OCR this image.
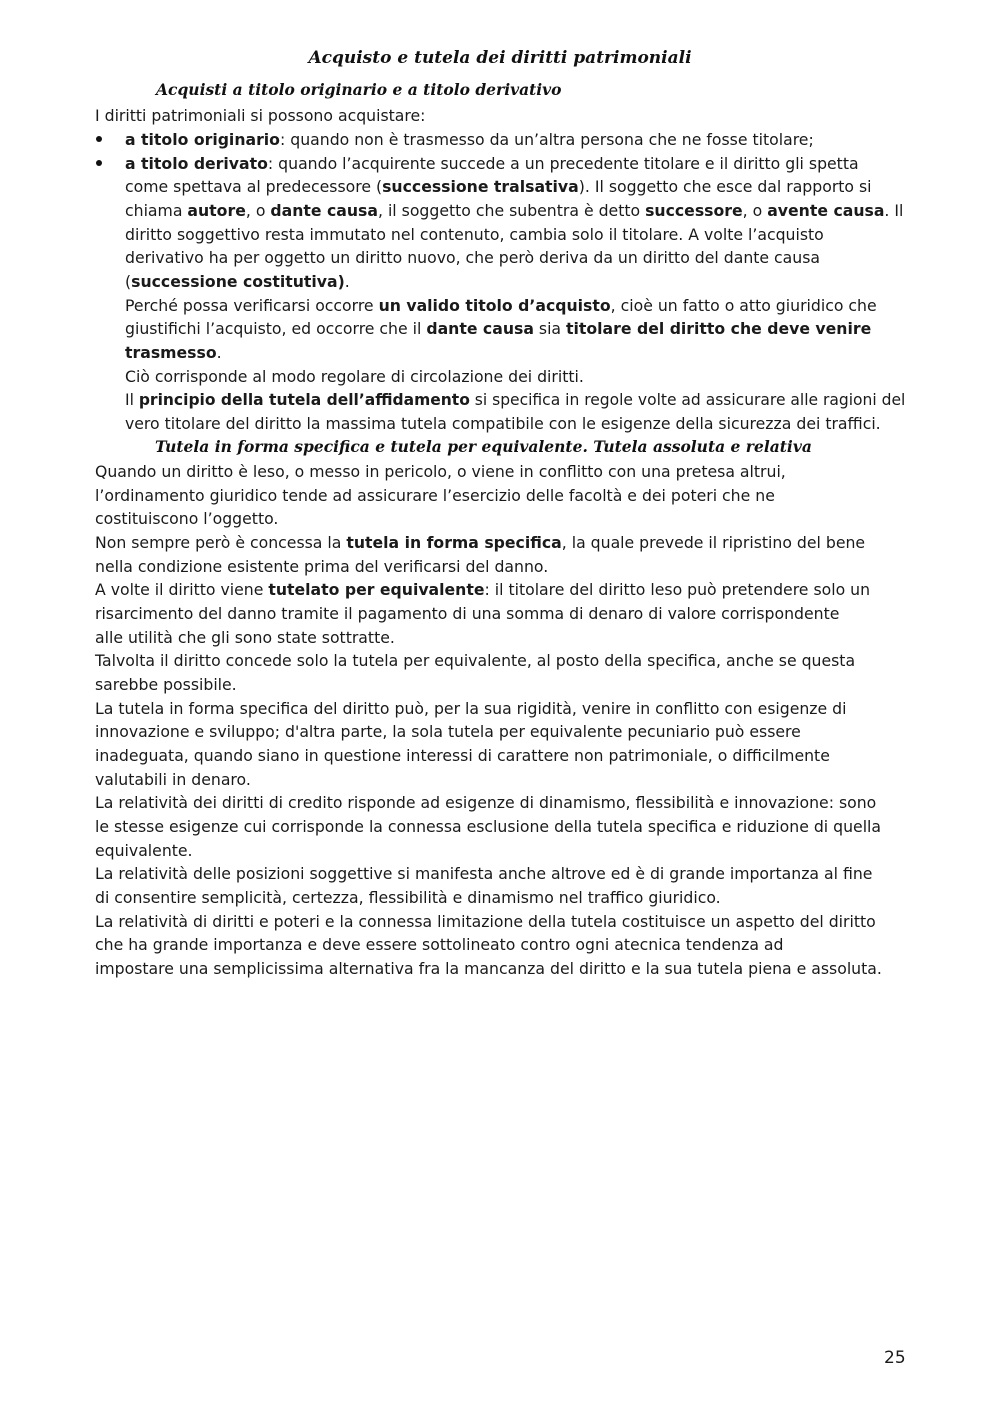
Acquisto e tutela dei diritti patrimoniali
Acquisti a titolo originario e a titolo derivativo
I diritti patrimoniali si possono acquistare:
a titolo originario: quando non è trasmesso da un’altra persona che ne fosse titolare;
a titolo derivato: quando l’acquirente succede a un precedente titolare e il diritto gli spetta
come spettava al predecessore (successione tralsativa). Il soggetto che esce dal rapporto si
chiama autore, o dante causa, il soggetto che subentra è detto successore, o avente causa. Il
diritto soggettivo resta immutato nel contenuto, cambia solo il titolare. A volte l’acquisto
derivativo ha per oggetto un diritto nuovo, che però deriva da un diritto del dante causa
(successione costitutiva).
Perché possa verificarsi occorre un valido titolo d’acquisto, cioè un fatto o atto giuridico che
giustifichi l’acquisto, ed occorre che il dante causa sia titolare del diritto che deve venire
trasmesso.
Ciò corrisponde al modo regolare di circolazione dei diritti.
Il principio della tutela dell’affidamento si specifica in regole volte ad assicurare alle ragioni del
vero titolare del diritto la massima tutela compatibile con le esigenze della sicurezza dei traffici.
Tutela in forma specifica e tutela per equivalente. Tutela assoluta e relativa
Quando un diritto è leso, o messo in pericolo, o viene in conflitto con una pretesa altrui,
l’ordinamento giuridico tende ad assicurare l’esercizio delle facoltà e dei poteri che ne
costituiscono l’oggetto.
Non sempre però è concessa la tutela in forma specifica, la quale prevede il ripristino del bene
nella condizione esistente prima del verificarsi del danno.
A volte il diritto viene tutelato per equivalente: il titolare del diritto leso può pretendere solo un
risarcimento del danno tramite il pagamento di una somma di denaro di valore corrispondente
alle utilità che gli sono state sottratte.
Talvolta il diritto concede solo la tutela per equivalente, al posto della specifica, anche se questa
sarebbe possibile.
La tutela in forma specifica del diritto può, per la sua rigidità, venire in conflitto con esigenze di
innovazione e sviluppo; d'altra parte, la sola tutela per equivalente pecuniario può essere
inadeguata, quando siano in questione interessi di carattere non patrimoniale, o difficilmente
valutabili in denaro.
La relatività dei diritti di credito risponde ad esigenze di dinamismo, flessibilità e innovazione: sono
le stesse esigenze cui corrisponde la connessa esclusione della tutela specifica e riduzione di quella
equivalente.
La relatività delle posizioni soggettive si manifesta anche altrove ed è di grande importanza al fine
di consentire semplicità, certezza, flessibilità e dinamismo nel traffico giuridico.
La relatività di diritti e poteri e la connessa limitazione della tutela costituisce un aspetto del diritto
che ha grande importanza e deve essere sottolineato contro ogni atecnica tendenza ad
impostare una semplicissima alternativa fra la mancanza del diritto e la sua tutela piena e assoluta.
25
